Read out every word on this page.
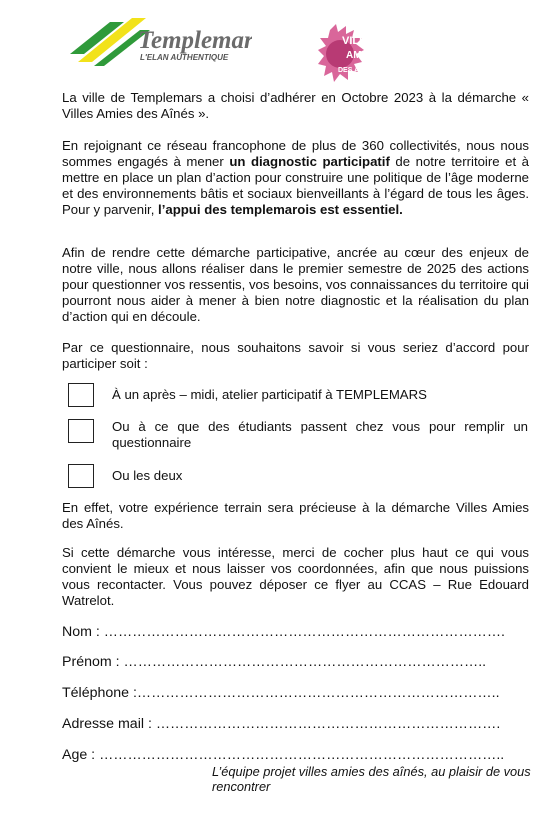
Templemars
L'ELAN AUTHENTIQUE
VILLES
AMIES
DES AÎNÉS

La ville de Templemars a choisi d’adhérer en Octobre 2023 à la démarche « Villes Amies des Aînés ».

En rejoignant ce réseau francophone de plus de 360 collectivités, nous nous sommes engagés à mener un diagnostic participatif de notre territoire et à mettre en place un plan d’action pour construire une politique de l’âge moderne et des environnements bâtis et sociaux bienveillants à l’égard de tous les âges. Pour y parvenir, l’appui des templemarois est essentiel.

Afin de rendre cette démarche participative, ancrée au cœur des enjeux de notre ville, nous allons réaliser dans le premier semestre de 2025 des actions pour questionner vos ressentis, vos besoins, vos connaissances du territoire qui pourront nous aider à mener à bien notre diagnostic et la réalisation du plan d’action qui en découle.

Par ce questionnaire, nous souhaitons savoir si vous seriez d’accord pour participer soit :

À un après – midi, atelier participatif à TEMPLEMARS
Ou à ce que des étudiants passent chez vous pour remplir un questionnaire
Ou les deux

En effet, votre expérience terrain sera précieuse à la démarche Villes Amies des Aînés.

Si cette démarche vous intéresse, merci de cocher plus haut ce qui vous convient le mieux et nous laisser vos coordonnées, afin que nous puissions vous recontacter. Vous pouvez déposer ce flyer au CCAS – Rue Edouard Watrelot.

Nom : ………………………………………………………………………….
Prénom : …………………………………………………………………..
Téléphone :…………………………………………………………………..
Adresse mail : ……………………………………………………………….
Age : …………………………………………………………………………..
L’équipe projet villes amies des aînés, au plaisir de vous rencontrer
